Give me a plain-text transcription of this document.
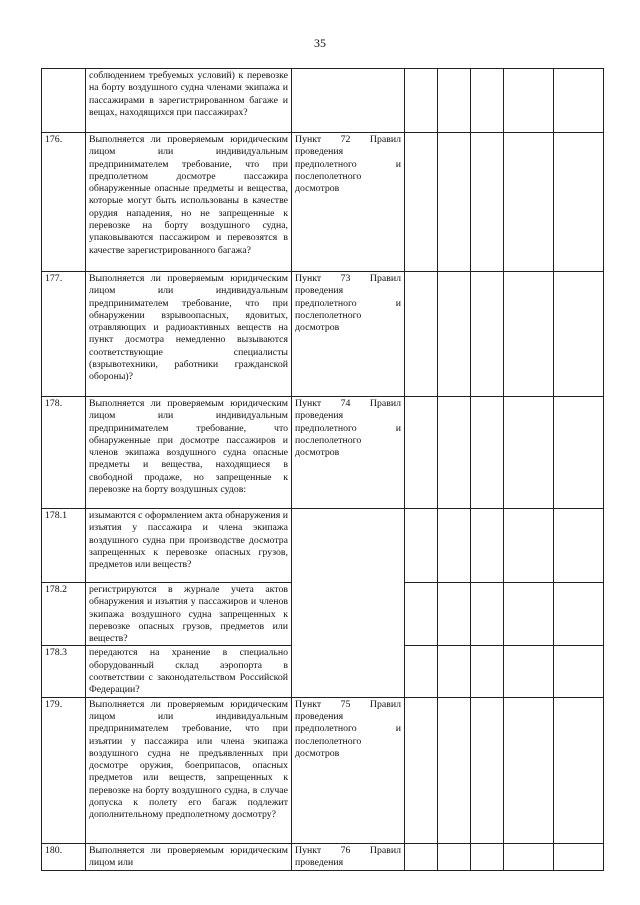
35
	соблюдением требуемых условий) к перевозке на борту воздушного судна членами экипажа и пассажирами в зарегистрированном багаже и вещах, находящихся при пассажирах?						
176.	Выполняется ли проверяемым юридическим лицом или индивидуальным предпринимателем требование, что при предполетном досмотре пассажира обнаруженные опасные предметы и вещества, которые могут быть использованы в качестве орудия нападения, но не запрещенные к перевозке на борту воздушного судна, упаковываются пассажиром и перевозятся в качестве зарегистрированного багажа?	Пункт 72 Правил проведения предполетного и послеполетного досмотров					
177.	Выполняется ли проверяемым юридическим лицом или индивидуальным предпринимателем требование, что при обнаружении взрывоопасных, ядовитых, отравляющих и радиоактивных веществ на пункт досмотра немедленно вызываются соответствующие специалисты (взрывотехники, работники гражданской обороны)?	Пункт 73 Правил проведения предполетного и послеполетного досмотров					
178.	Выполняется ли проверяемым юридическим лицом или индивидуальным предпринимателем требование, что обнаруженные при досмотре пассажиров и членов экипажа воздушного судна опасные предметы и вещества, находящиеся в свободной продаже, но запрещенные к перевозке на борту воздушных судов:	Пункт 74 Правил проведения предполетного и послеполетного досмотров					
178.1	изымаются с оформлением акта обнаружения и изъятия у пассажира и члена экипажа воздушного судна при производстве досмотра запрещенных к перевозке опасных грузов, предметов или веществ?						
178.2	регистрируются в журнале учета актов обнаружения и изъятия у пассажиров и членов экипажа воздушного судна запрещенных к перевозке опасных грузов, предметов или веществ?						
178.3	передаются на хранение в специально оборудованный склад аэропорта в соответствии с законодательством Российской Федерации?						
179.	Выполняется ли проверяемым юридическим лицом или индивидуальным предпринимателем требование, что при изъятии у пассажира или члена экипажа воздушного судна не предъявленных при досмотре оружия, боеприпасов, опасных предметов или веществ, запрещенных к перевозке на борту воздушного судна, в случае допуска к полету его багаж подлежит дополнительному предполетному досмотру?	Пункт 75 Правил проведения предполетного и послеполетного досмотров					
180.	Выполняется ли проверяемым юридическим лицом или	Пункт 76 Правил проведения					
